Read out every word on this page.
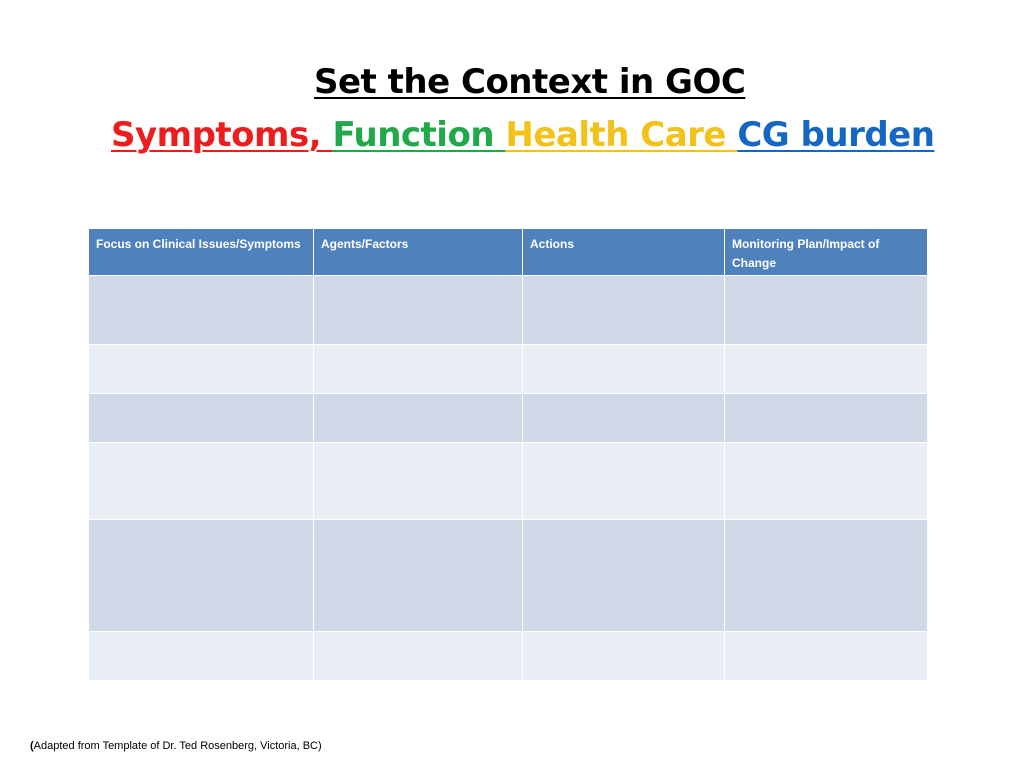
Set the Context in GOC
Symptoms, Function Health Care CG burden
Focus on Clinical Issues/Symptoms	Agents/Factors	Actions	Monitoring Plan/Impact of Change

(Adapted from Template of Dr. Ted Rosenberg, Victoria, BC)
